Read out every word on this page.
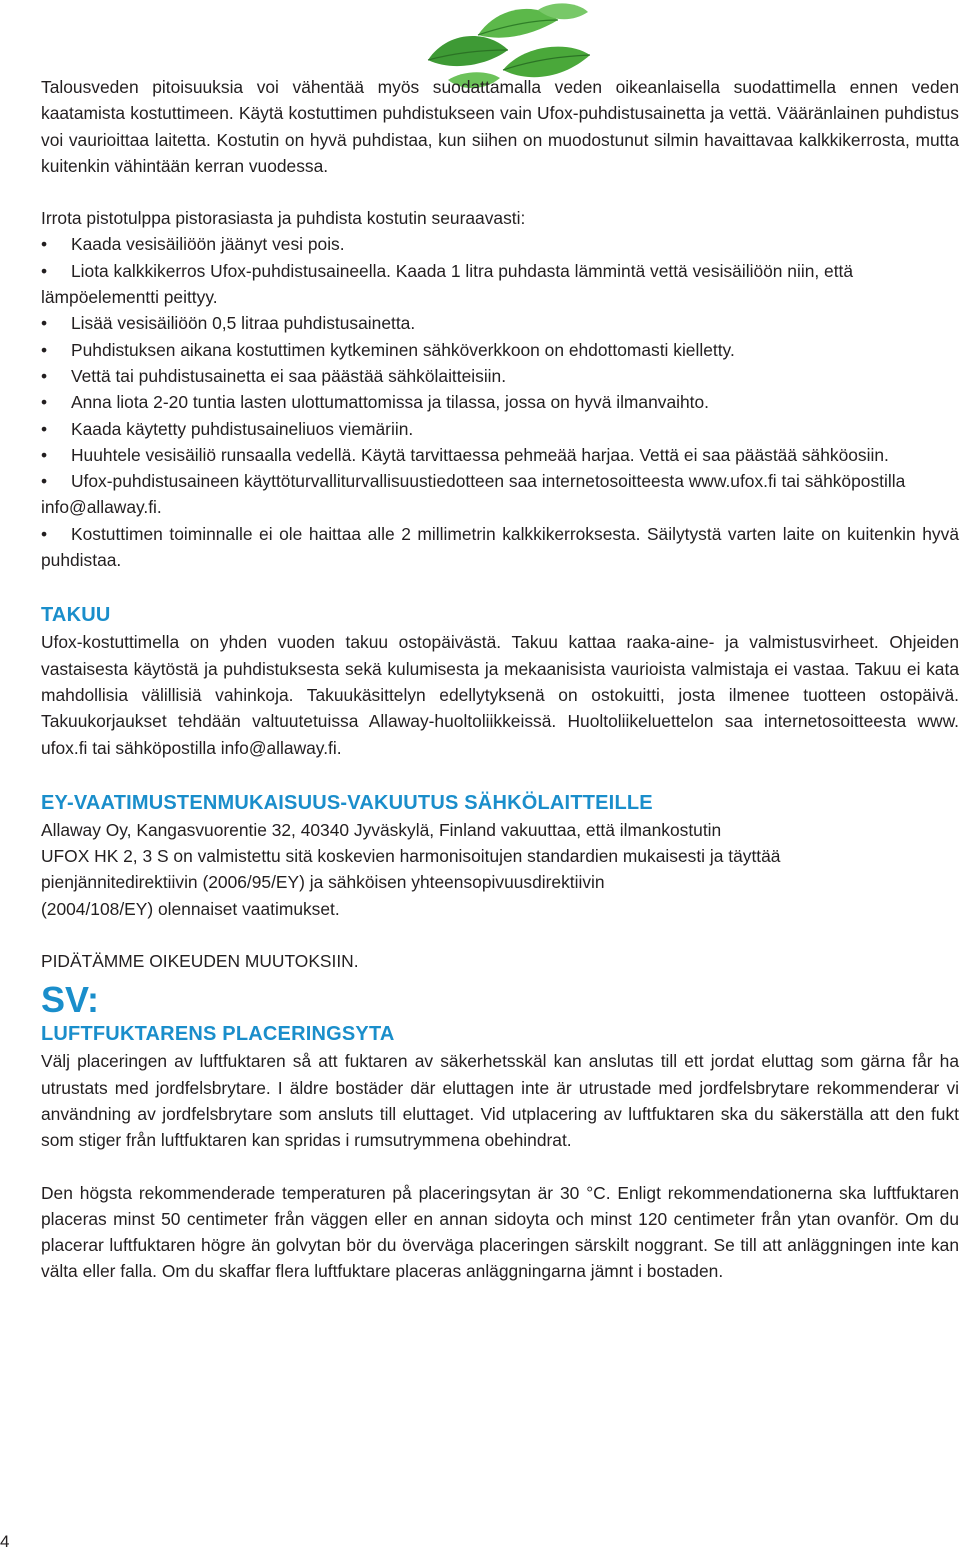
Talousveden pitoisuuksia voi vähentää myös suodattamalla veden oikeanlaisella suodattimella ennen veden kaatamista kostuttimeen. Käytä kostuttimen puhdistukseen vain Ufox-puhdistusainetta ja vettä. Vääränlainen puhdistus voi vaurioittaa laitetta. Kostutin on hyvä puhdistaa, kun siihen on muodostunut silmin havaittavaa kalkkikerrosta, mutta kuitenkin vähintään kerran vuodessa.

Irrota pistotulppa pistorasiasta ja puhdista kostutin seuraavasti:

• Kaada vesisäiliöön jäänyt vesi pois.
• Liota kalkkikerros Ufox-puhdistusaineella. Kaada 1 litra puhdasta lämmintä vettä vesisäiliöön niin, että lämpöelementti peittyy.
• Lisää vesisäiliöön 0,5 litraa puhdistusainetta.
• Puhdistuksen aikana kostuttimen kytkeminen sähköverkkoon on ehdottomasti kielletty.
• Vettä tai puhdistusainetta ei saa päästää sähkölaitteisiin.
• Anna liota 2-20 tuntia lasten ulottumattomissa ja tilassa, jossa on hyvä ilmanvaihto.
• Kaada käytetty puhdistusaineliuos viemäriin.
• Huuhtele vesisäiliö runsaalla vedellä. Käytä tarvittaessa pehmeää harjaa. Vettä ei saa päästää sähköosiin.
• Ufox-puhdistusaineen käyttöturvalliturvallisuustiedotteen saa internetosoitteesta www.ufox.fi tai sähköpostilla info@allaway.fi.
• Kostuttimen toiminnalle ei ole haittaa alle 2 millimetrin kalkkikerroksesta. Säilytystä varten laite on kuitenkin hyvä puhdistaa.
TAKUU

Ufox-kostuttimella on yhden vuoden takuu ostopäivästä. Takuu kattaa raaka-aine- ja valmistusvirheet. Ohjeiden vastaisesta käytöstä ja puhdistuksesta sekä kulumisesta ja mekaanisista vaurioista valmistaja ei vastaa. Takuu ei kata mahdollisia välillisiä vahinkoja. Takuukäsittelyn edellytyksenä on ostokuitti, josta ilmenee tuotteen ostopäivä. Takuukorjaukset tehdään valtuutetuissa Allaway-huoltoliikkeissä. Huoltoliikeluettelon saa internetosoitteesta www. ufox.fi tai sähköpostilla info@allaway.fi.

EY-VAATIMUSTENMUKAISUUS-VAKUUTUS SÄHKÖLAITTEILLE

Allaway Oy, Kangasvuorentie 32, 40340 Jyväskylä, Finland vakuuttaa, että ilmankostutin

UFOX HK 2, 3 S on valmistettu sitä koskevien harmonisoitujen standardien mukaisesti ja täyttää

pienjännitedirektiivin (2006/95/EY) ja sähköisen yhteensopivuusdirektiivin

(2004/108/EY) olennaiset vaatimukset.

PIDÄTÄMME OIKEUDEN MUUTOKSIIN.

SV:
LUFTFUKTARENS PLACERINGSYTA

Välj placeringen av luftfuktaren så att fuktaren av säkerhetsskäl kan anslutas till ett jordat eluttag som gärna får ha utrustats med jordfelsbrytare. I äldre bostäder där eluttagen inte är utrustade med jordfelsbrytare rekommenderar vi användning av jordfelsbrytare som ansluts till eluttaget. Vid utplacering av luftfuktaren ska du säkerställa att den fukt som stiger från luftfuktaren kan spridas i rumsutrymmena obehindrat.

Den högsta rekommenderade temperaturen på placeringsytan är 30 °C. Enligt rekommendationerna ska luftfuktaren placeras minst 50 centimeter från väggen eller en annan sidoyta och minst 120 centimeter från ytan ovanför. Om du placerar luftfuktaren högre än golvytan bör du överväga placeringen särskilt noggrant. Se till att anläggningen inte kan välta eller falla. Om du skaffar flera luftfuktare placeras anläggningarna jämnt i bostaden.

4
